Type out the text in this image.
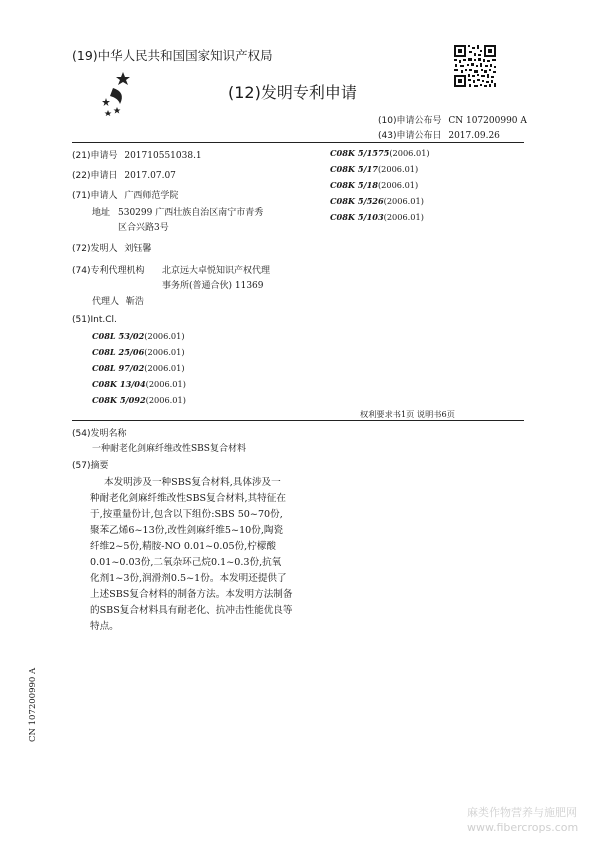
(19)中华人民共和国国家知识产权局
(12)发明专利申请
(10)申请公布号 CN 107200990 A
(43)申请公布日 2017.09.26
(21)申请号 201710551038.1
(22)申请日 2017.07.07
(71)申请人 广西师范学院
地址 530299 广西壮族自治区南宁市青秀
区合兴路3号
(72)发明人 刘钰馨
(74)专利代理机构 北京远大卓悦知识产权代理
事务所(普通合伙) 11369
代理人 靳浩
(51)Int.Cl.
C08L 53/02(2006.01)
C08L 25/06(2006.01)
C08L 97/02(2006.01)
C08K 13/04(2006.01)
C08K 5/092(2006.01)
C08K 5/1575(2006.01)
C08K 5/17(2006.01)
C08K 5/18(2006.01)
C08K 5/526(2006.01)
C08K 5/103(2006.01)
权利要求书1页 说明书6页
(54)发明名称
一种耐老化剑麻纤维改性SBS复合材料
(57)摘要
本发明涉及一种SBS复合材料,具体涉及一
种耐老化剑麻纤维改性SBS复合材料,其特征在
于,按重量份计,包含以下组份:SBS 50~70份,
聚苯乙烯6~13份,改性剑麻纤维5~10份,陶瓷
纤维2~5份,精胺-NO 0.01~0.05份,柠檬酸
0.01~0.03份,二氧杂环己烷0.1~0.3份,抗氧
化剂1~3份,润滑剂0.5~1份。本发明还提供了
上述SBS复合材料的制备方法。本发明方法制备
的SBS复合材料具有耐老化、抗冲击性能优良等
特点。
CN 107200990 A
麻类作物营养与施肥网
www.fibercrops.com
